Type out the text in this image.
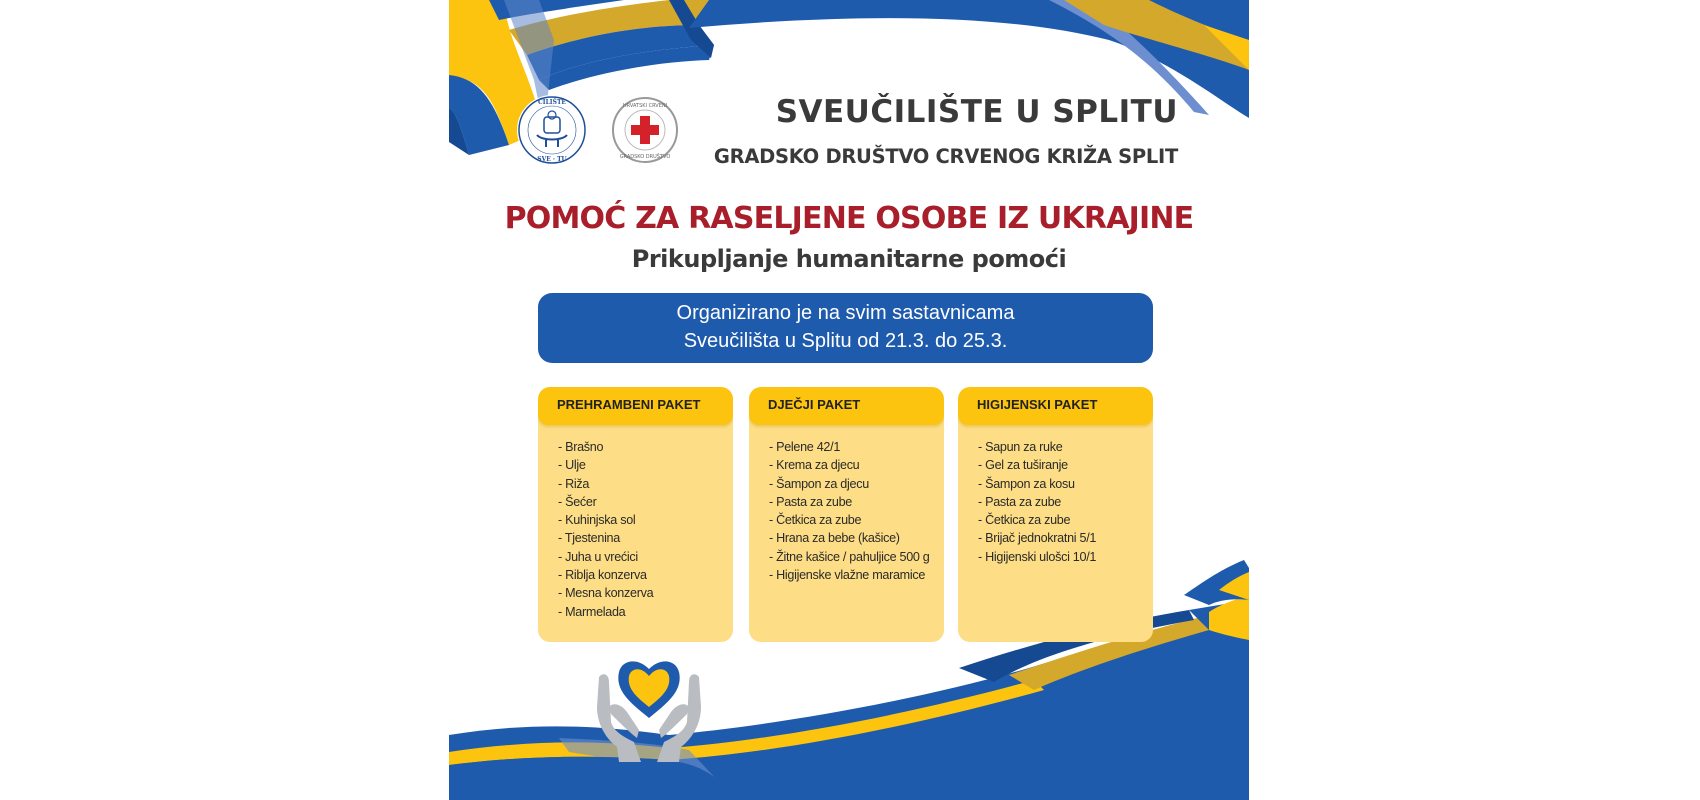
ČILIŠTE
SVE · TU
HRVATSKI CRVENI
GRADSKO DRUŠTVO
SVEUČILIŠTE U SPLITU
GRADSKO DRUŠTVO CRVENOG KRIŽA SPLIT
POMOĆ ZA RASELJENE OSOBE IZ UKRAJINE
Prikupljanje humanitarne pomoći
Organizirano je na svim sastavnicama
Sveučilišta u Splitu od 21.3. do 25.3.
PREHRAMBENI PAKET
- Brašno
- Ulje
- Riža
- Šećer
- Kuhinjska sol
- Tjestenina
- Juha u vrećici
- Riblja konzerva
- Mesna konzerva
- Marmelada
DJEČJI PAKET
- Pelene 42/1
- Krema za djecu
- Šampon za djecu
- Pasta za zube
- Četkica za zube
- Hrana za bebe (kašice)
- Žitne kašice / pahuljice 500 g
- Higijenske vlažne maramice
HIGIJENSKI PAKET
- Sapun za ruke
- Gel za tuširanje
- Šampon za kosu
- Pasta za zube
- Četkica za zube
- Brijač jednokratni 5/1
- Higijenski ulošci 10/1
